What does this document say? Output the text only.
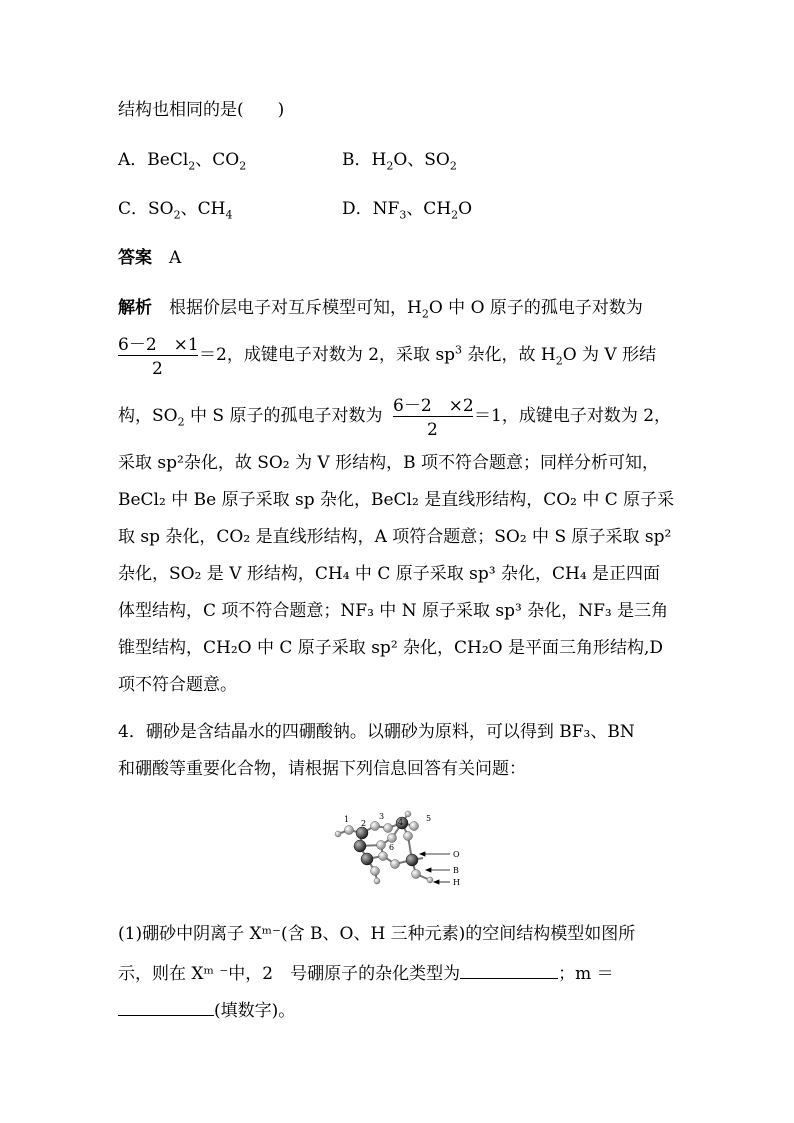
结构也相同的是(　　)
A．BeCl$_2$、$CO_2$	B．$H_2O$、$SO_2$
C．$SO_2$、$CH_4$	D．$NF_3$、$CH_2O$
答案　 A
解析　 根据价层电子对互斥模型可知，$H_2O$ 中 O 原子的孤电子对数为
6－2　×1
2
＝2，成键电子对数为 2，采取 $sp^3$ 杂化，故 $H_2O$ 为 V 形结
构，$SO_2$ 中 S 原子的孤电子对数为 6－2　×2
2
＝1，成键电子对数为 2，
采取 sp²杂化，故 SO₂ 为 V 形结构，B 项不符合题意；同样分析可知，
BeCl₂ 中 Be 原子采取 sp 杂化，BeCl₂ 是直线形结构，CO₂ 中 C 原子采
取 sp 杂化，CO₂ 是直线形结构，A 项符合题意；SO₂ 中 S 原子采取 sp²
杂化，SO₂ 是 V 形结构，CH₄ 中 C 原子采取 sp³ 杂化，CH₄ 是正四面
体型结构，C 项不符合题意；NF₃ 中 N 原子采取 sp³ 杂化，NF₃ 是三角
锥型结构，CH₂O 中 C 原子采取 sp² 杂化，CH₂O 是平面三角形结构,D
项不符合题意。
4．硼砂是含结晶水的四硼酸钠。以硼砂为原料，可以得到 BF₃、BN
和硼酸等重要化合物，请根据下列信息回答有关问题：
1 2
3
4	5
6
O
B
H
(1)硼砂中阴离子 Xᵐ⁻(含 B、O、H 三种元素)的空间结构模型如图所
示，则在 Xᵐ ⁻中，2　号硼原子的杂化类型为	；m ＝
(填数字)。
